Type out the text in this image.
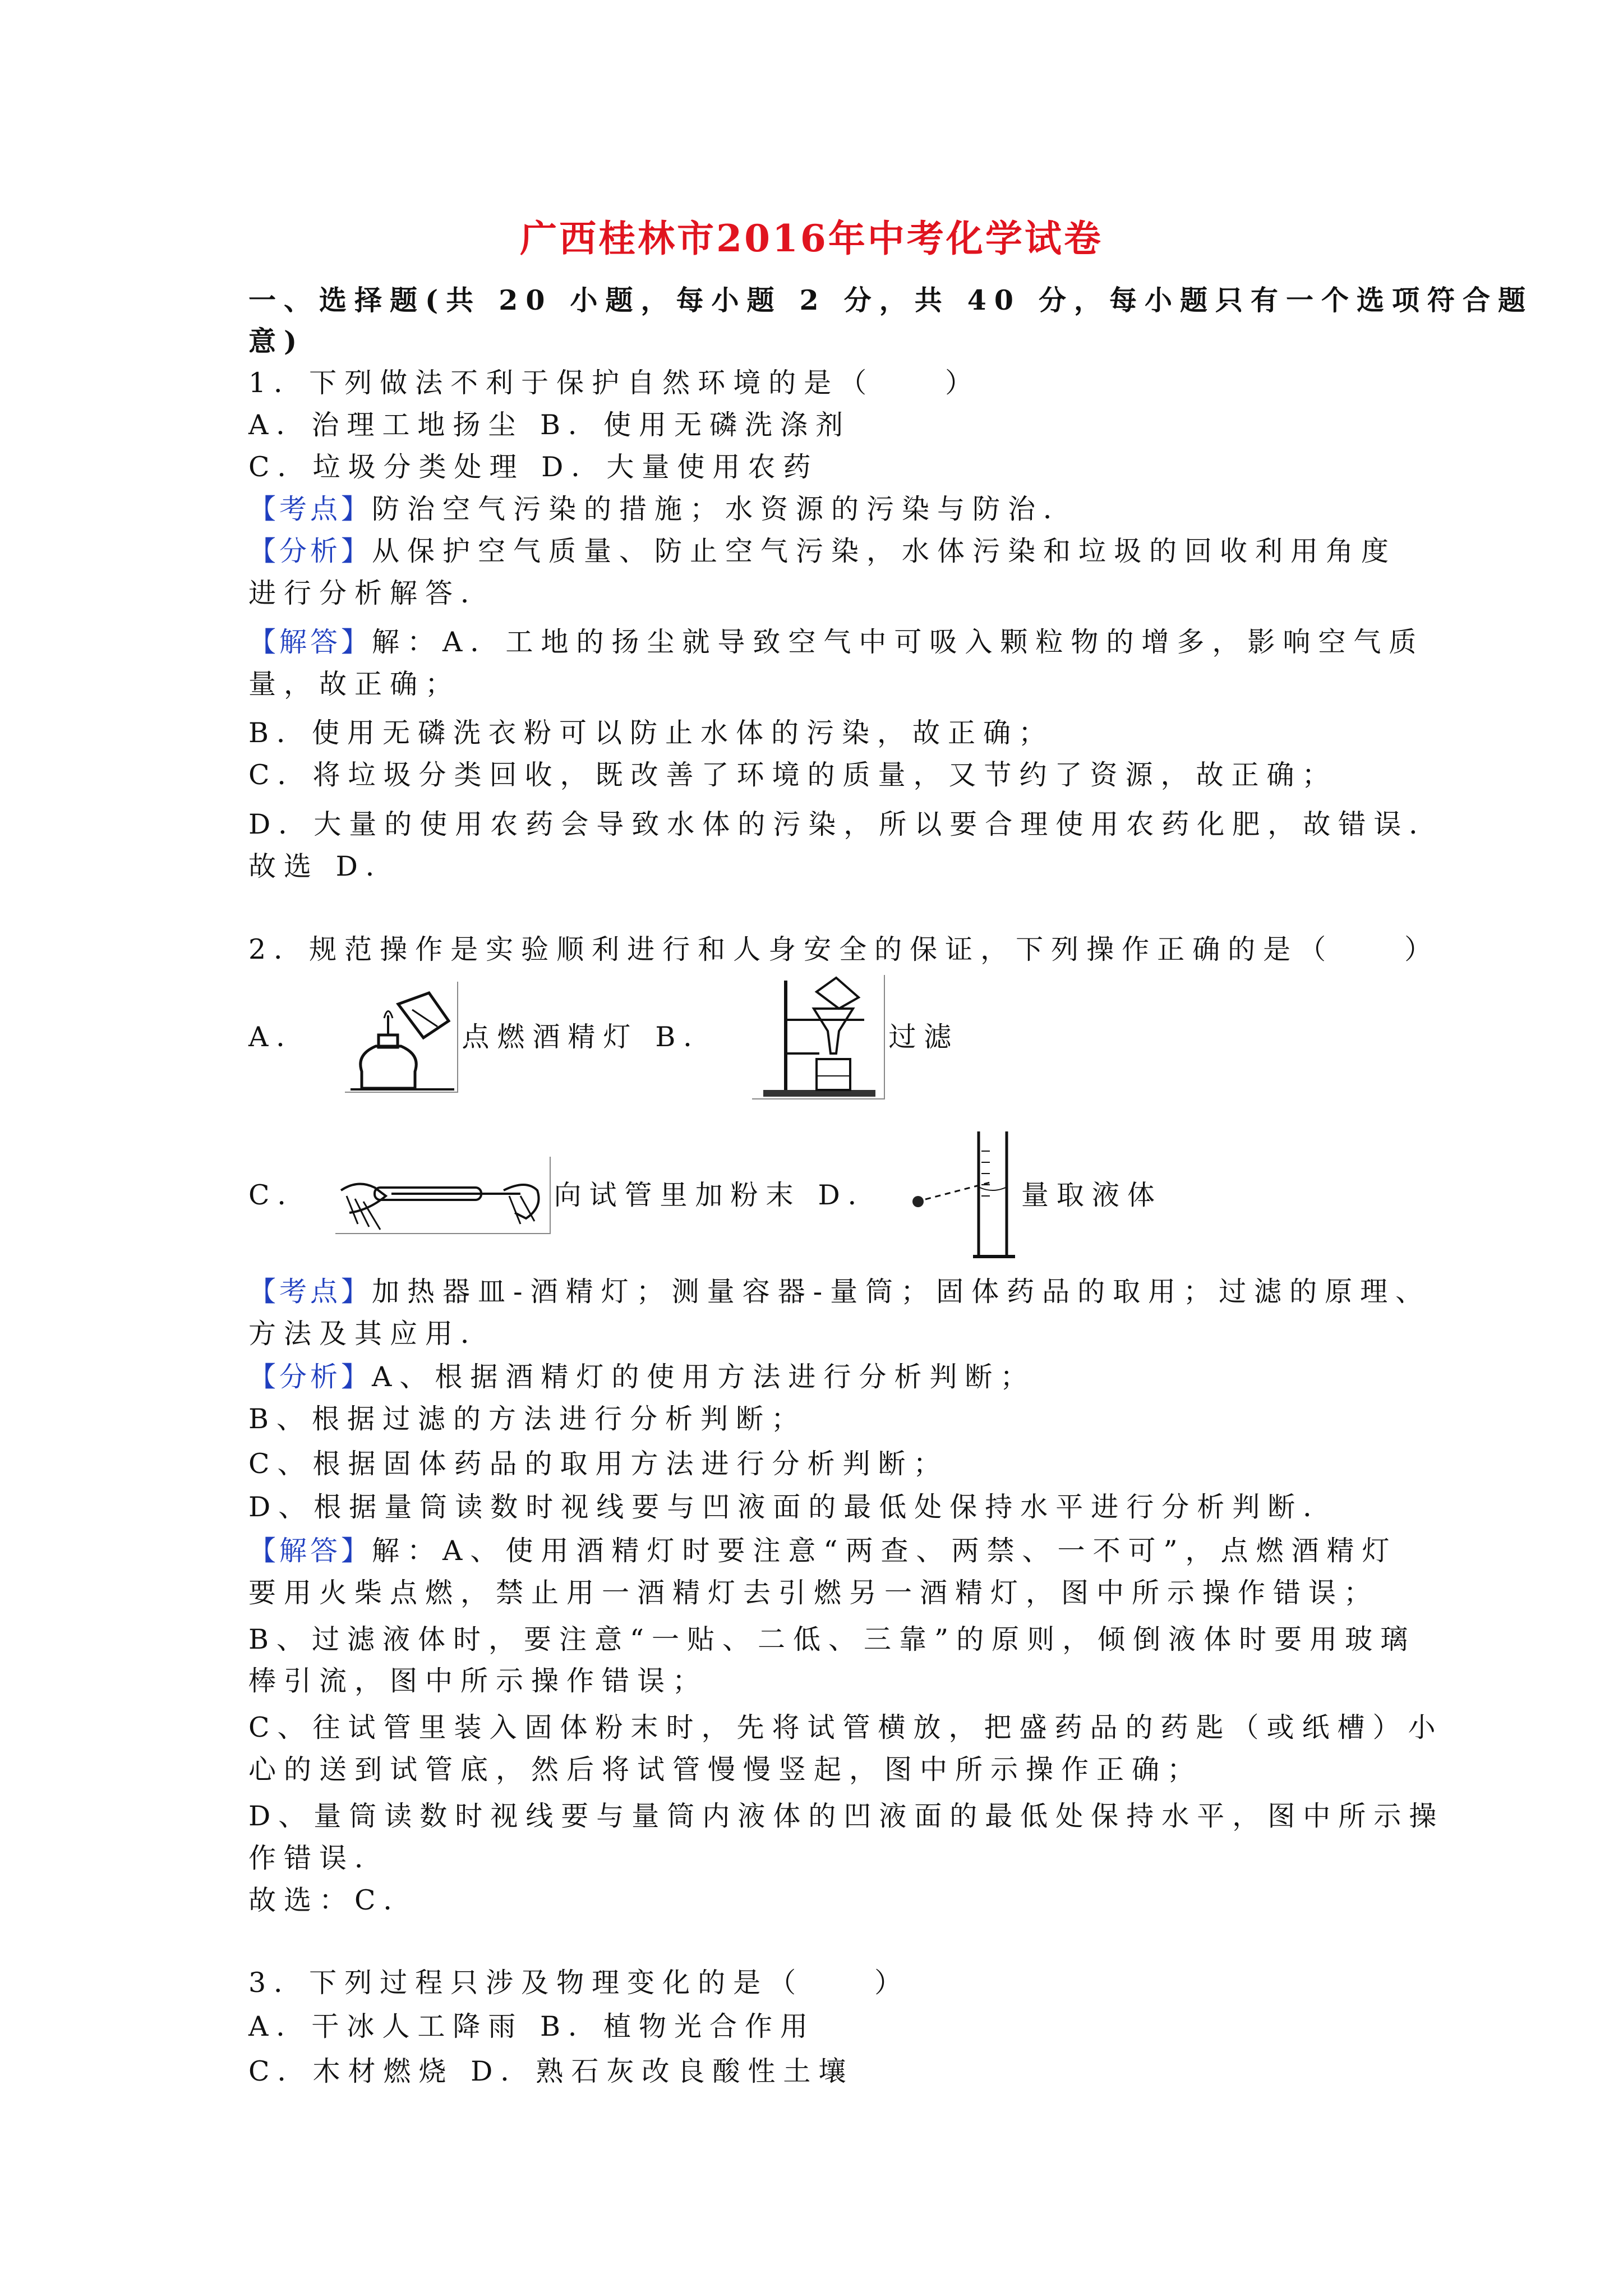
广西桂林市2016年中考化学试卷
一、选择题(共 20 小题，每小题 2 分，共 40 分，每小题只有一个选项符合题
意)
1．下列做法不利于保护自然环境的是（　　）
A．治理工地扬尘 B．使用无磷洗涤剂
C．垃圾分类处理 D．大量使用农药
【考点】防治空气污染的措施；水资源的污染与防治．
【分析】从保护空气质量、防止空气污染，水体污染和垃圾的回收利用角度
进行分析解答．
【解答】解：A．工地的扬尘就导致空气中可吸入颗粒物的增多，影响空气质
量，故正确；
B．使用无磷洗衣粉可以防止水体的污染，故正确；
C．将垃圾分类回收，既改善了环境的质量，又节约了资源，故正确；
D．大量的使用农药会导致水体的污染，所以要合理使用农药化肥，故错误．
故选 D．
2．规范操作是实验顺利进行和人身安全的保证，下列操作正确的是（　　）
A．	点燃酒精灯 B．	过滤
C．	向试管里加粉末 D．	量取液体
【考点】加热器皿-酒精灯；测量容器-量筒；固体药品的取用；过滤的原理、
方法及其应用．
【分析】A、根据酒精灯的使用方法进行分析判断；
B、根据过滤的方法进行分析判断；
C、根据固体药品的取用方法进行分析判断；
D、根据量筒读数时视线要与凹液面的最低处保持水平进行分析判断．
【解答】解：A、使用酒精灯时要注意“两查、两禁、一不可”，点燃酒精灯
要用火柴点燃，禁止用一酒精灯去引燃另一酒精灯，图中所示操作错误；
B、过滤液体时，要注意“一贴、二低、三靠”的原则，倾倒液体时要用玻璃
棒引流，图中所示操作错误；
C、往试管里装入固体粉末时，先将试管横放，把盛药品的药匙（或纸槽）小
心的送到试管底，然后将试管慢慢竖起，图中所示操作正确；
D、量筒读数时视线要与量筒内液体的凹液面的最低处保持水平，图中所示操
作错误．
故选：C．
3．下列过程只涉及物理变化的是（　　）
A．干冰人工降雨 B．植物光合作用
C．木材燃烧 D．熟石灰改良酸性土壤
